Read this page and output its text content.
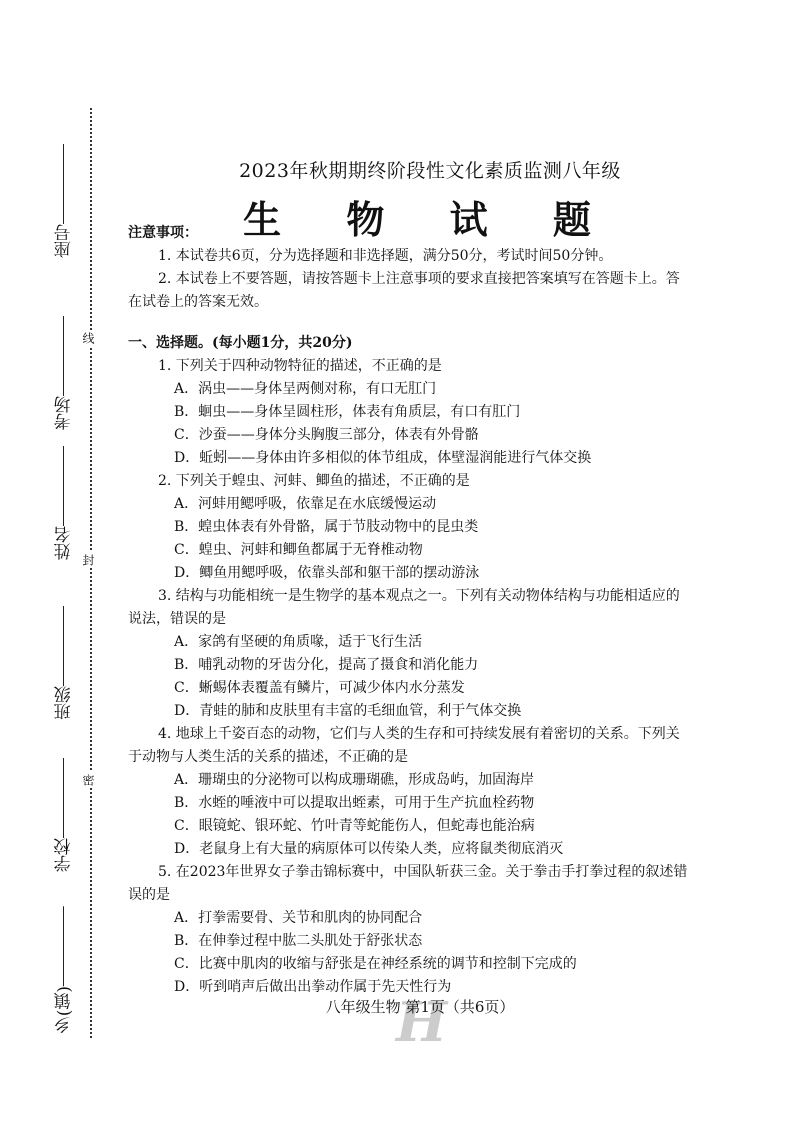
线
封
密
座号
考场
姓名
班级
学校
乡(镇)
2023年秋期期终阶段性文化素质监测八年级
生 物 试 题
注意事项：
1. 本试卷共6页，分为选择题和非选择题，满分50分，考试时间50分钟。
2. 本试卷上不要答题，请按答题卡上注意事项的要求直接把答案填写在答题卡上。答
在试卷上的答案无效。
一、选择题。(每小题1分，共20分)
1. 下列关于四种动物特征的描述，不正确的是
A．涡虫——身体呈两侧对称，有口无肛门
B．蛔虫——身体呈圆柱形，体表有角质层，有口有肛门
C．沙蚕——身体分头胸腹三部分，体表有外骨骼
D．蚯蚓——身体由许多相似的体节组成，体壁湿润能进行气体交换
2. 下列关于蝗虫、河蚌、鲫鱼的描述，不正确的是
A．河蚌用鳃呼吸，依靠足在水底缓慢运动
B．蝗虫体表有外骨骼，属于节肢动物中的昆虫类
C．蝗虫、河蚌和鲫鱼都属于无脊椎动物
D．鲫鱼用鳃呼吸，依靠头部和躯干部的摆动游泳
3. 结构与功能相统一是生物学的基本观点之一。下列有关动物体结构与功能相适应的
说法，错误的是
A．家鸽有坚硬的角质喙，适于飞行生活
B．哺乳动物的牙齿分化，提高了摄食和消化能力
C．蜥蜴体表覆盖有鳞片，可减少体内水分蒸发
D．青蛙的肺和皮肤里有丰富的毛细血管，利于气体交换
4. 地球上千姿百态的动物，它们与人类的生存和可持续发展有着密切的关系。下列关
于动物与人类生活的关系的描述，不正确的是
A．珊瑚虫的分泌物可以构成珊瑚礁，形成岛屿，加固海岸
B．水蛭的唾液中可以提取出蛭素，可用于生产抗血栓药物
C．眼镜蛇、银环蛇、竹叶青等蛇能伤人，但蛇毒也能治病
D．老鼠身上有大量的病原体可以传染人类，应将鼠类彻底消灭
5. 在2023年世界女子拳击锦标赛中，中国队斩获三金。关于拳击手打拳过程的叙述错
误的是
A．打拳需要骨、关节和肌肉的协同配合
B．在伸拳过程中肱二头肌处于舒张状态
C．比赛中肌肉的收缩与舒张是在神经系统的调节和控制下完成的
D．听到哨声后做出出拳动作属于先天性行为
H
八年级生物 第1页（共6页）
